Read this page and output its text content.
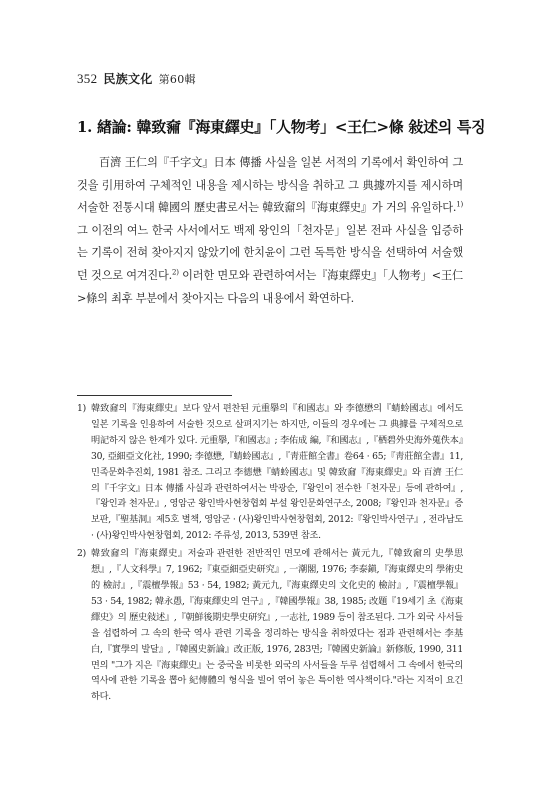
352 民族文化 第60輯
1. 緖論: 韓致奫『海東繹史』「人物考」<王仁>條 敍述의 특징

百濟 王仁의『千字文』日本 傳播 사실을 일본 서적의 기록에서 확인하여 그것을 引用하여 구체적인 내용을 제시하는 방식을 취하고 그 典據까지를 제시하며 서술한 전통시대 韓國의 歷史書로서는 韓致奫의『海東繹史』가 거의 유일하다.$^{1)}$ 그 이전의 여느 한국 사서에서도 백제 왕인의「천자문」일본 전파 사실을 입증하는 기록이 전혀 찾아지지 않았기에 한치윤이 그런 독특한 방식을 선택하여 서술했던 것으로 여겨진다.$^{2)}$ 이러한 면모와 관련하여서는『海東繹史』「人物考」<王仁>條의 최후 부분에서 찾아지는 다음의 내용에서 확연하다.

1) 韓致奫의『海東繹史』보다 앞서 편찬된 元重擧의『和國志』와 李德懋의『蜻蛉國志』에서도 일본 기록을 인용하여 서술한 것으로 살펴지기는 하지만, 이들의 경우에는 그 典據를 구체적으로 明記하지 않은 한계가 있다. 元重擧,『和國志』; 李佑成 編,『和國志』,『栖碧外史海外蒐佚本』30, 亞細亞文化社, 1990; 李德懋,『蜻蛉國志』,『靑莊館全書』卷64 · 65;『靑莊館全書』11, 민족문화추진회, 1981 참조. 그리고 李德懋『蜻蛉國志』및 韓致奫『海東繹史』와 百濟 王仁의『千字文』日本 傳播 사실과 관련하여서는 박광순,『왕인이 전수한「천자문」등에 관하여』,『왕인과 천자문』, 영암군 왕인박사현창협회 부설 왕인문화연구소, 2008;『왕인과 천자문』증보판,『聖基洞』제5호 별책, 영암군 · (사)왕인박사현창협회, 2012:『왕인박사연구』, 전라남도 · (사)왕인박사현창협회, 2012: 주류성, 2013, 539면 참조.

2) 韓致奫의『海東繹史』저술과 관련한 전반적인 면모에 관해서는 黃元九,『韓致奫의 史學思想』,『人文科學』7, 1962;『東亞細亞史研究』, 一潮閣, 1976; 李泰鎭,『海東繹史의 學術史的 檢討』,『震檀學報』53 · 54, 1982; 黃元九,『海東繹史의 文化史的 檢討』,『震檀學報』53 · 54, 1982; 韓永愚,『海東繹史의 연구』,『韓國學報』38, 1985; 改題『19세기 초《海東繹史》의 歷史敍述』,『朝鮮後期史學史研究』, 一志社, 1989 등이 참조된다. 그가 외국 사서들을 섭렵하여 그 속의 한국 역사 관련 기록을 정리하는 방식을 취하였다는 점과 관련해서는 李基白,『實學의 발달』,『韓國史新論』改正版, 1976, 283면;『韓國史新論』新修版, 1990, 311면의 "그가 지은『海東繹史』는 중국을 비롯한 외국의 사서들을 두루 섭렵해서 그 속에서 한국의 역사에 관한 기록을 뽑아 紀傳體의 형식을 빌어 엮어 놓은 특이한 역사책이다."라는 지적이 요긴하다.
